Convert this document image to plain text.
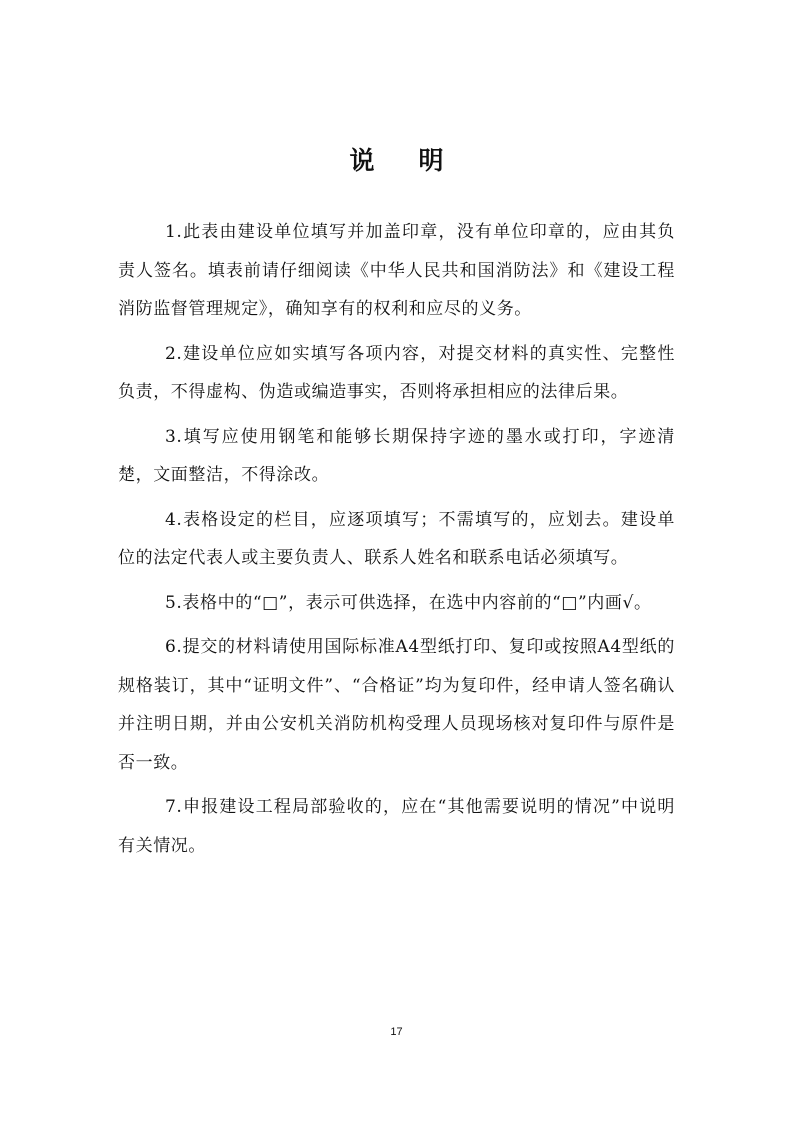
说明

1.此表由建设单位填写并加盖印章，没有单位印章的，应由其负责人签名。填表前请仔细阅读《中华人民共和国消防法》和《建设工程消防监督管理规定》，确知享有的权利和应尽的义务。

2.建设单位应如实填写各项内容，对提交材料的真实性、完整性负责，不得虚构、伪造或编造事实，否则将承担相应的法律后果。

3.填写应使用钢笔和能够长期保持字迹的墨水或打印，字迹清楚，文面整洁，不得涂改。

4.表格设定的栏目，应逐项填写；不需填写的，应划去。建设单位的法定代表人或主要负责人、联系人姓名和联系电话必须填写。

5.表格中的“□”，表示可供选择，在选中内容前的“□”内画√。

6.提交的材料请使用国际标准A4型纸打印、复印或按照A4型纸的规格装订，其中“证明文件”、“合格证”均为复印件，经申请人签名确认并注明日期，并由公安机关消防机构受理人员现场核对复印件与原件是否一致。

7.申报建设工程局部验收的，应在“其他需要说明的情况”中说明有关情况。

17
